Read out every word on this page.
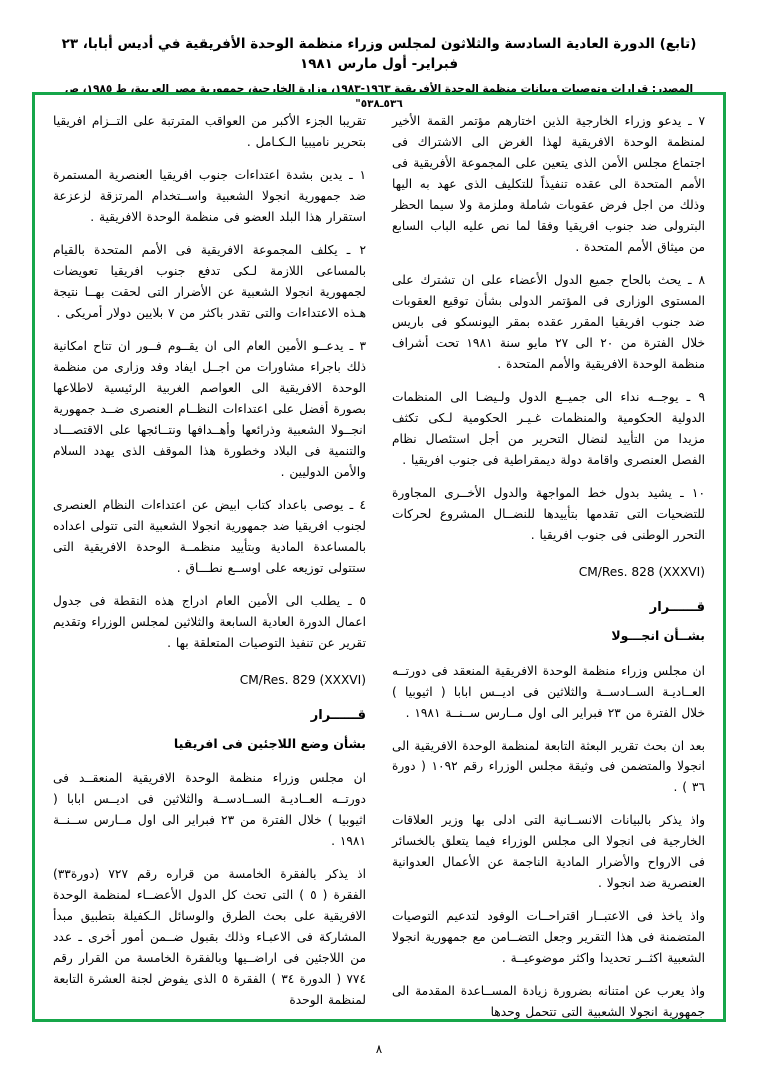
(تابع) الدورة العادية السادسة والثلاثون لمجلس وزراء منظمة الوحدة الأفريقية في أديس أبابا، ٢٣ فبراير- أول مارس ١٩٨١
المصدر: قرارات وتوصيات وبيانات منظمة الوحدة الأفريقية ١٩٦٣-١٩٨٣، وزارة الخارجية، جمهورية مصر العربية، ط ١٩٨٥، ص ٥٣٦ـ٥٣٨"

٧ ـ يدعو وزراء الخارجية الذين اختارهم مؤتمر القمة الأخير لمنظمة الوحدة الافريقية لهذا الغرض الى الاشتراك فى اجتماع مجلس الأمن الذى يتعين على المجموعة الأفريقية فى الأمم المتحدة الى عقده تنفيذاً للتكليف الذى عهد به اليها وذلك من اجل فرض عقوبات شاملة وملزمة ولا سيما الحظر البترولى ضد جنوب افريقيا وفقا لما نص عليه الباب السابع من ميثاق الأمم المتحدة .

٨ ـ يحث بالحاح جميع الدول الأعضاء على ان تشترك على المستوى الوزارى فى المؤتمر الدولى بشأن توقيع العقوبات ضد جنوب افريقيا المقرر عقده بمقر اليونسكو فى باريس خلال الفترة من ٢٠ الى ٢٧ مايو سنة ١٩٨١ تحت أشراف منظمة الوحدة الافريقية والأمم المتحدة .

٩ ـ يوجــه نداء الى جميــع الدول ولـيضـا الى المنظمات الدولية الحكومية والمنظمات غـيـر الحكومية لـكى تكثف مزيدا من التأييد لنضال التحرير من أجل استئصال نظام الفصل العنصرى واقامة دولة ديمقراطية فى جنوب افريقيا .

١٠ ـ يشيد بدول خط المواجهة والدول الأخــرى المجاورة للتضحيات التى تقدمها بتأييدها للنضــال المشروع لحركات التحرر الوطنى فى جنوب افريقيا .

CM/Res. 828 (XXXVI)
قــــــرار
بشــأن انجـــولا

ان مجلس وزراء منظمة الوحدة الافريقية المنعقد فى دورتــه العــاديـة الســادســة والثلاثين فى اديــس ابابا ( اثيوبيا ) خلال الفترة من ٢٣ فبراير الى اول مــارس ســنــة ١٩٨١ .

بعد ان بحث تقرير البعثة التابعة لمنظمة الوحدة الافريقية الى انجولا والمتضمن فى وثيقة مجلس الوزراء رقم ١٠٩٢ ( دورة ٣٦ ) .

واذ يذكر بالبيانات الانســانية التى ادلى بها وزير العلاقات الخارجية فى انجولا الى مجلس الوزراء فيما يتعلق بالخسائر فى الارواح والأضرار المادية الناجمة عن الأعمال العدوانية العنصرية ضد انجولا .

واذ ياخذ فى الاعتبــار اقتراحــات الوفود لتدعيم التوصيات المتضمنة فى هذا التقرير وجعل التضــامن مع جمهورية انجولا الشعبية اكثــر تحديدا واكثر موضوعيــة .

واذ يعرب عن امتنانه بضرورة زيادة المســاعدة المقدمة الى جمهورية انجولا الشعبية التى تتحمل وحدها

تقريبا الجزء الأكبر من العواقب المترتبة على التــزام افريقيا بتحرير ناميبيا الـكـامل .

١ ـ يدين بشدة اعتداءات جنوب افريقيا العنصرية المستمرة ضد جمهورية انجولا الشعبية واســتخدام المرتزقة لزعزعة استقرار هذا البلد العضو فى منظمة الوحدة الافريقية .

٢ ـ يكلف المجموعة الافريقية فى الأمم المتحدة بالقيام بالمساعى اللازمة لـكى تدفع جنوب افريقيا تعويضات لجمهورية انجولا الشعبية عن الأضرار التى لحقت بهــا نتيجة هـذه الاعتداءات والتى تقدر باكثر من ٧ بلايين دولار أمريكى .

٣ ـ يدعــو الأمين العام الى ان يقــوم فــور ان تتاح امكانية ذلك باجراء مشاورات من اجــل ايفاد وفد وزارى من منظمة الوحدة الافريقية الى العواصم الغربية الرئيسية لاطلاعها بصورة أفضل على اعتداءات النظــام العنصرى ضــد جمهورية انجــولا الشعبية وذرائعها وأهــدافها ونتــائجها على الاقتصـــاد والتنمية فى البلاد وخطورة هذا الموقف الذى يهدد السلام والأمن الدوليين .

٤ ـ يوصى باعداد كتاب ابيض عن اعتداءات النظام العنصرى لجنوب افريقيا ضد جمهورية انجولا الشعبية التى تتولى اعداده بالمساعدة المادية وبتأييد منظمــة الوحدة الافريقية التى ستتولى توزيعه على اوســع نطـــاق .

٥ ـ يطلب الى الأمين العام ادراج هذه النقطة فى جدول اعمال الدورة العادية السابعة والثلاثين لمجلس الوزراء وتقديم تقرير عن تنفيذ التوصيات المتعلقة بها .

CM/Res. 829 (XXXVI)
قــــــرار
بشأن وضع اللاجئين فى افريقيا

ان مجلس وزراء منظمة الوحدة الافريقية المنعقــد فى دورتــه العــاديـة الســادســة والثلاثين فى اديــس ابابا ( اثيوبيا ) خلال الفترة من ٢٣ فبراير الى اول مــارس ســنــة ١٩٨١ .

اذ يذكر بالفقرة الخامسة من قراره رقم ٧٢٧ (دورة٣٣) الفقرة ( ٥ ) التى تحث كل الدول الأعضــاء لمنظمة الوحدة الافريقية على بحث الطرق والوسائل الـكفيلة بتطبيق مبدأ المشاركة فى الاعبـاء وذلك بقبول ضــمن أمور أخرى ـ عدد من اللاجئين فى اراضــيها وبالفقرة الخامسة من القرار رقم ٧٧٤ ( الدورة ٣٤ ) الفقرة ٥ الذى يفوض لجنة العشرة التابعة لمنظمة الوحدة

٨
